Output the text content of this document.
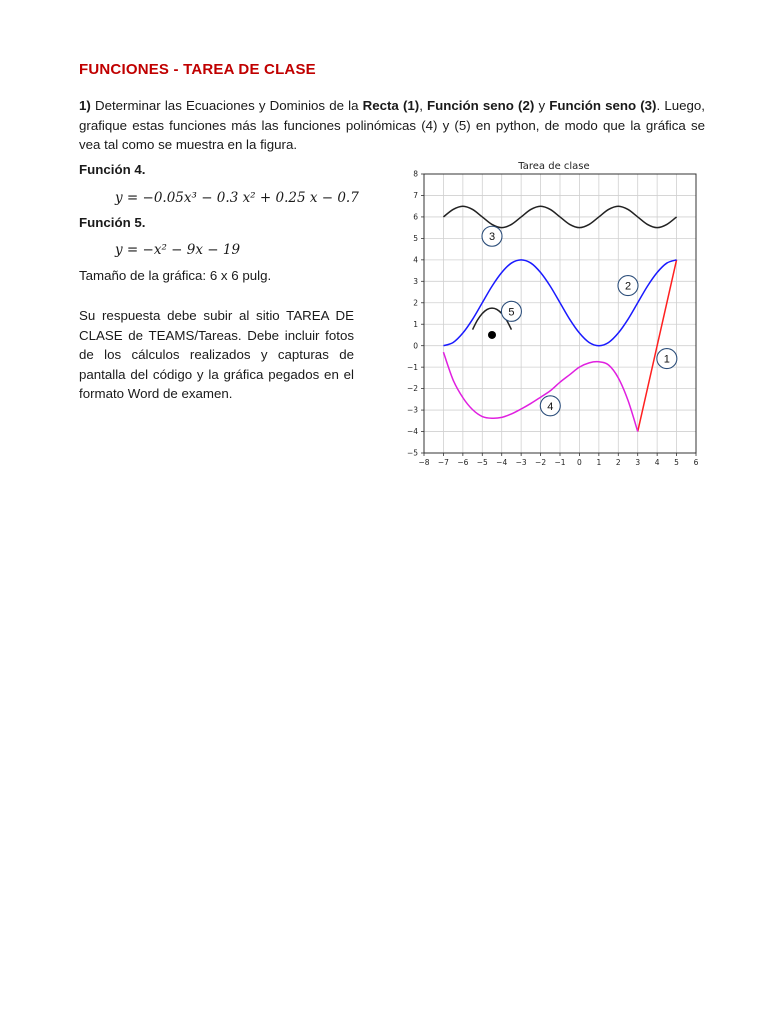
FUNCIONES - TAREA DE CLASE
1) Determinar las Ecuaciones y Dominios de la Recta (1), Función seno (2) y Función seno (3). Luego, grafique estas funciones más las funciones polinómicas (4) y (5) en python, de modo que la gráfica se vea tal como se muestra en la figura.
Función 4.
y = −0.05x³ − 0.3 x² + 0.25 x − 0.7
Función 5.
y = −x² − 9x − 19
Tamaño de la gráfica: 6 x 6 pulg.
Su respuesta debe subir al sitio TAREA DE CLASE de TEAMS/Tareas. Debe incluir fotos de los cálculos realizados y capturas de pantalla del código y la gráfica pegados en el formato Word de examen.
Tarea de clase
−8 −7 −6 −5 −4 −3 −2 −1 0 1 2 3 4 5 6
−5
−4
−3
−2
−1
0
1
2
3
4
5
6
7
8
1
2
3
4
5
